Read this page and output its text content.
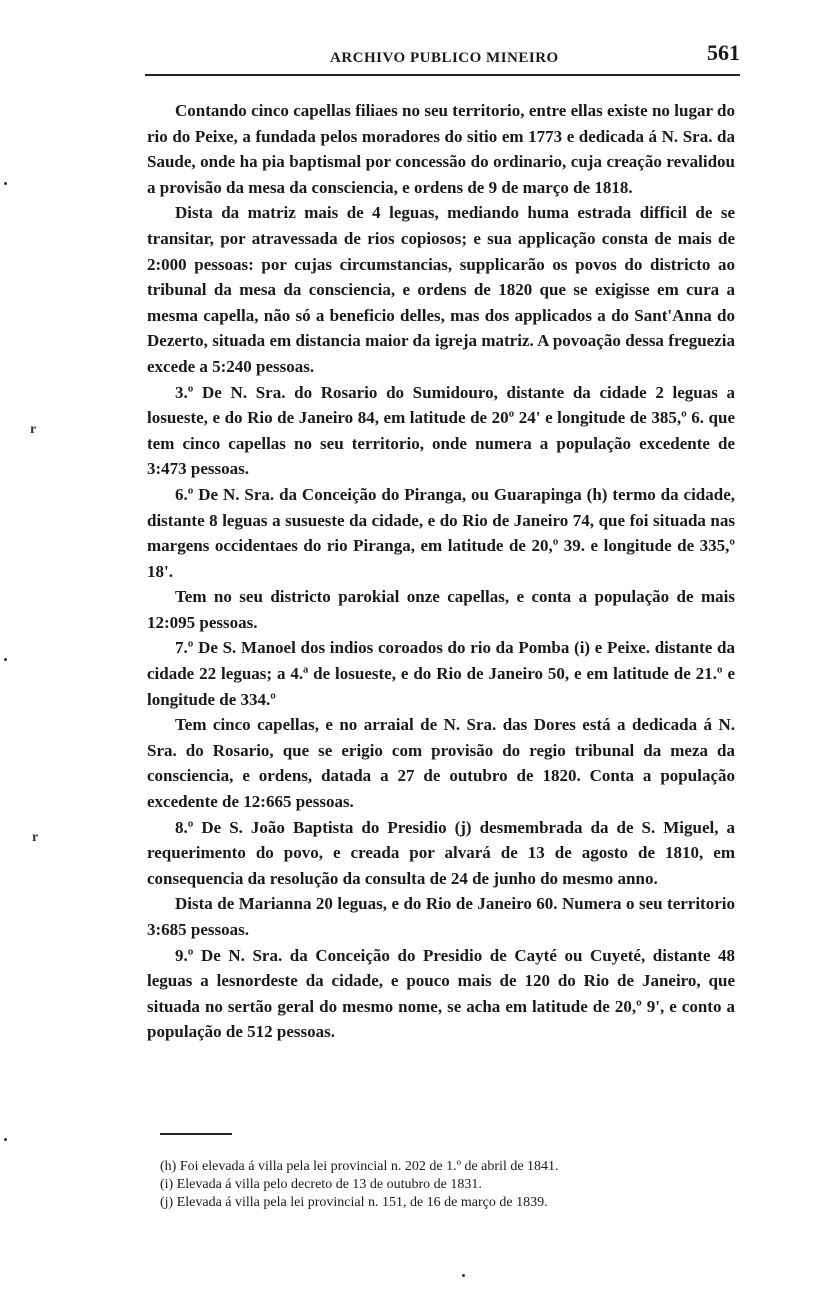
ARCHIVO PUBLICO MINEIRO	561

Contando cinco capellas filiaes no seu territorio, entre ellas existe no lugar do rio do Peixe, a fundada pelos moradores do sitio em 1773 e dedicada á N. Sra. da Saude, onde ha pia baptismal por concessão do ordinario, cuja creação revalidou a provisão da mesa da consciencia, e ordens de 9 de março de 1818.

Dista da matriz mais de 4 leguas, mediando huma estrada difficil de se transitar, por atravessada de rios copiosos; e sua applicação consta de mais de 2:000 pessoas: por cujas circumstancias, supplicarão os povos do districto ao tribunal da mesa da consciencia, e ordens de 1820 que se exigisse em cura a mesma capella, não só a beneficio delles, mas dos applicados a do Sant'Anna do Dezerto, situada em distancia maior da igreja matriz. A povoação dessa freguezia excede a 5:240 pessoas.

3.º De N. Sra. do Rosario do Sumidouro, distante da cidade 2 leguas a losueste, e do Rio de Janeiro 84, em latitude de 20º 24' e longitude de 385,º 6. que tem cinco capellas no seu territorio, onde numera a população excedente de 3:473 pessoas.

6.º De N. Sra. da Conceição do Piranga, ou Guarapinga (h) termo da cidade, distante 8 leguas a susueste da cidade, e do Rio de Janeiro 74, que foi situada nas margens occidentaes do rio Piranga, em latitude de 20,º 39. e longitude de 335,º 18'.

Tem no seu districto parokial onze capellas, e conta a população de mais 12:095 pessoas.

7.º De S. Manoel dos indios coroados do rio da Pomba (i) e Peixe. distante da cidade 22 leguas; a 4.ª de losueste, e do Rio de Janeiro 50, e em latitude de 21.º e longitude de 334.º

Tem cinco capellas, e no arraial de N. Sra. das Dores está a dedicada á N. Sra. do Rosario, que se erigio com provisão do regio tribunal da meza da consciencia, e ordens, datada a 27 de outubro de 1820. Conta a população excedente de 12:665 pessoas.

8.º De S. João Baptista do Presidio (j) desmembrada da de S. Miguel, a requerimento do povo, e creada por alvará de 13 de agosto de 1810, em consequencia da resolução da consulta de 24 de junho do mesmo anno.

Dista de Marianna 20 leguas, e do Rio de Janeiro 60. Numera o seu territorio 3:685 pessoas.

9.º De N. Sra. da Conceição do Presidio de Cayté ou Cuyeté, distante 48 leguas a lesnordeste da cidade, e pouco mais de 120 do Rio de Janeiro, que situada no sertão geral do mesmo nome, se acha em latitude de 20,º 9', e conto a população de 512 pessoas.

(h) Foi elevada á villa pela lei provincial n. 202 de 1.º de abril de 1841.

(i) Elevada á villa pelo decreto de 13 de outubro de 1831.

(j) Elevada á villa pela lei provincial n. 151, de 16 de março de 1839.

r
r
